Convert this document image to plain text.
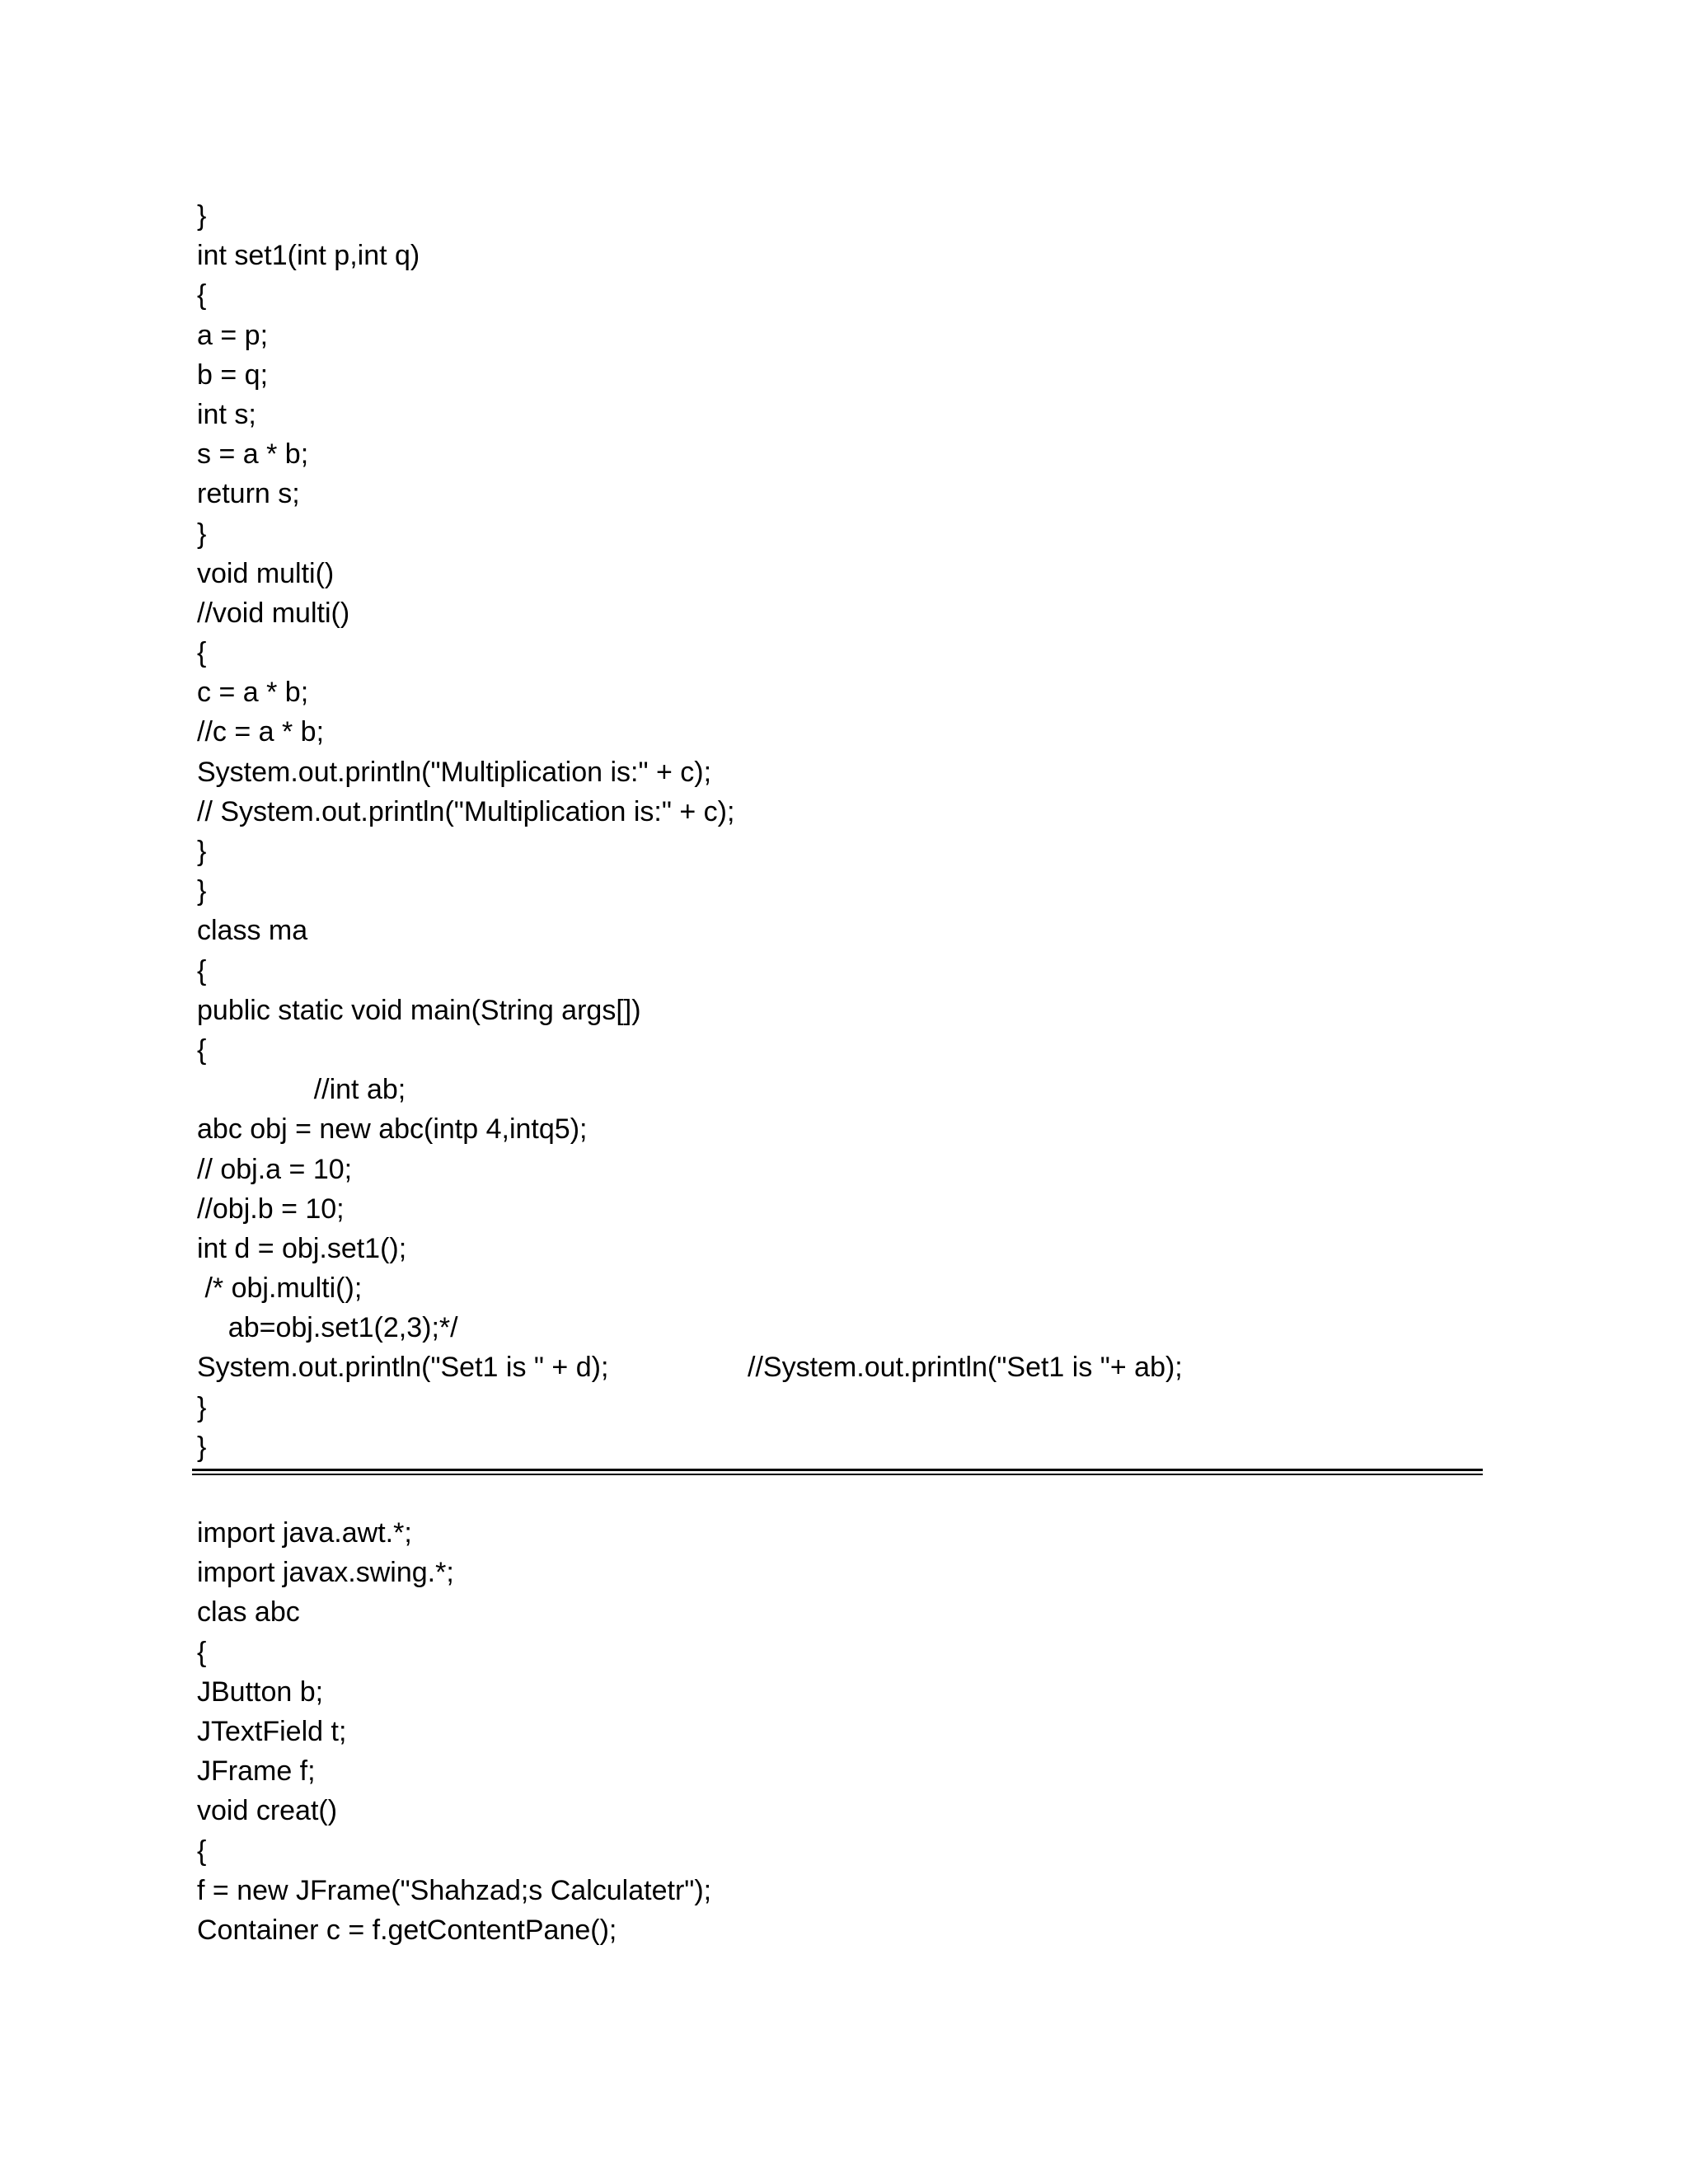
}
int set1(int p,int q)
{
a = p;
b = q;
int s;
s = a * b;
return s;
}
void multi()
//void multi()
{
c = a * b;
//c = a * b;
System.out.println("Multiplication is:" + c);
// System.out.println("Multiplication is:" + c);
}
}
class ma
{
public static void main(String args[])
{
//int ab;
abc obj = new abc(intp 4,intq5);
// obj.a = 10;
//obj.b = 10;
int d = obj.set1();
/* obj.multi();
ab=obj.set1(2,3);*/

System.out.println("Set1 is " + d);

	//System.out.println("Set1 is "+ ab);

}
}
import java.awt.*;
import javax.swing.*;
clas abc
{
JButton b;
JTextField t;
JFrame f;
void creat()
{
f = new JFrame("Shahzad;s Calculatetr");
Container c = f.getContentPane();
